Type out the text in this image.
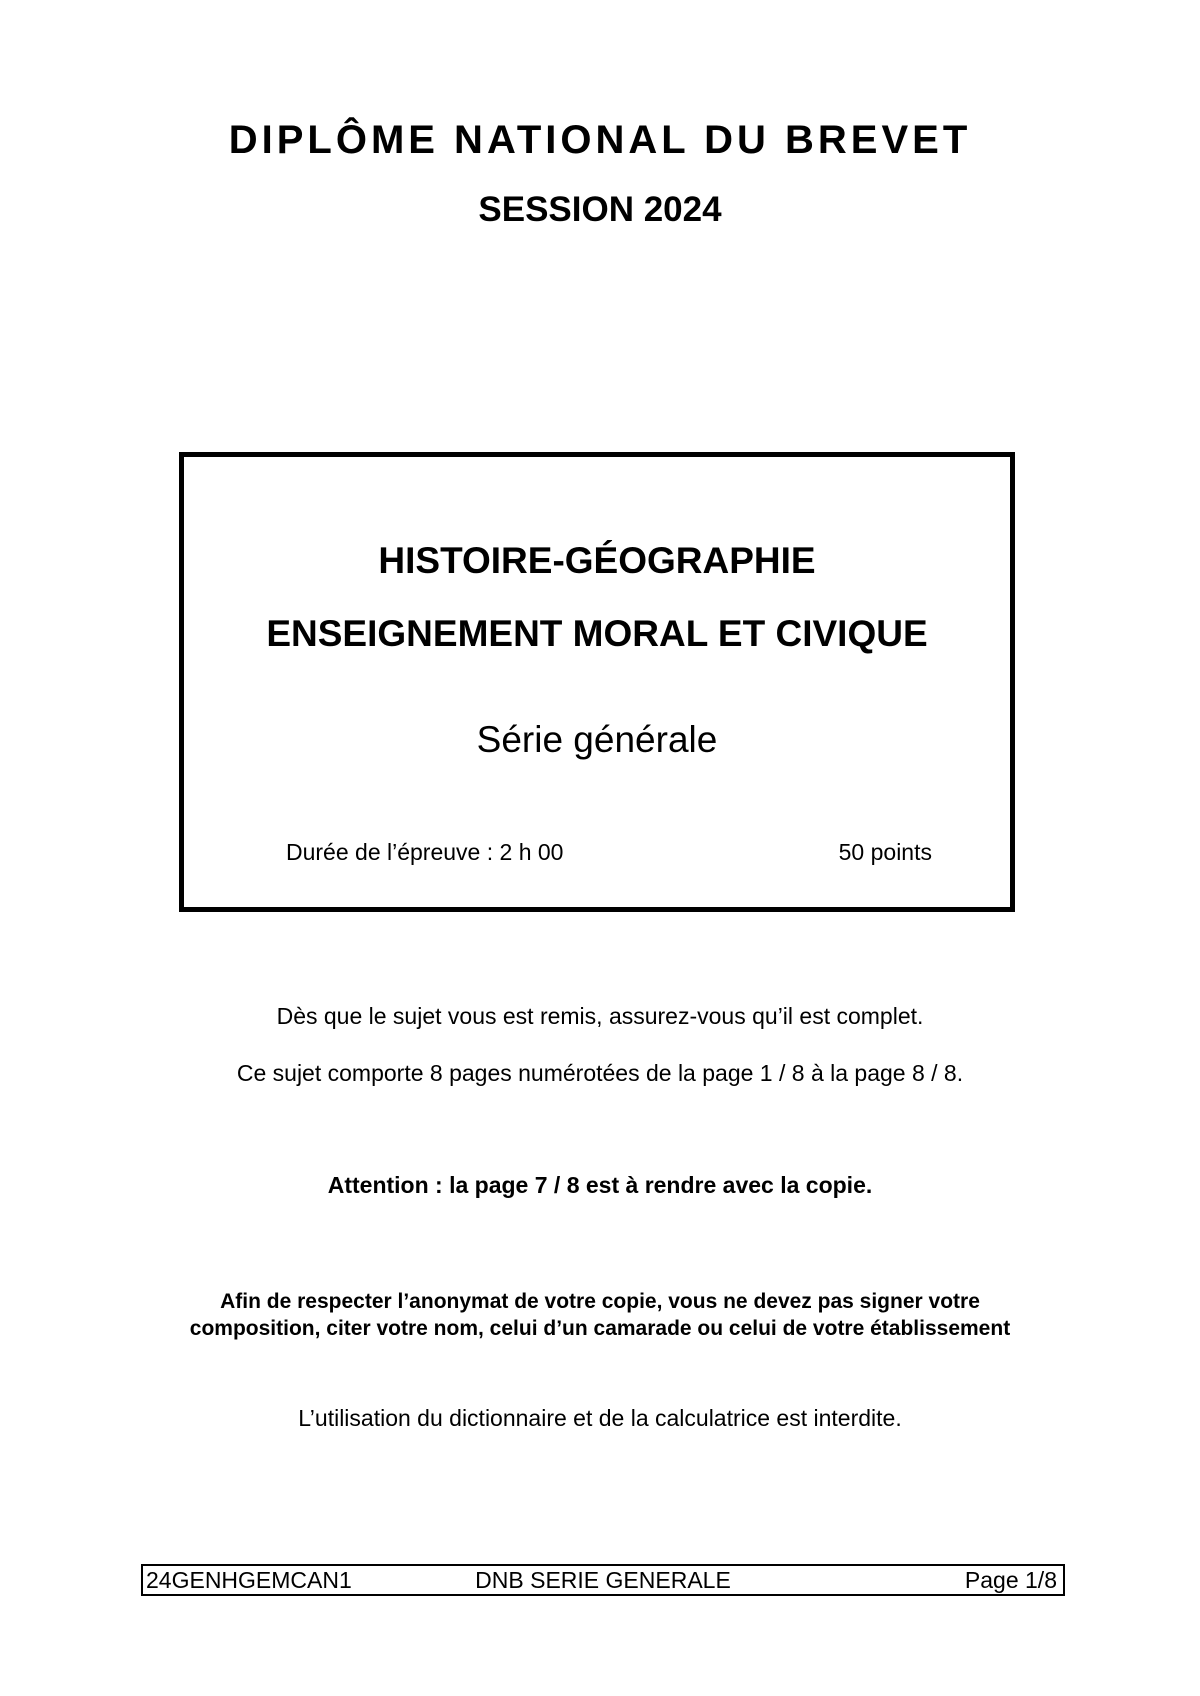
DIPLÔME NATIONAL DU BREVET
SESSION 2024
HISTOIRE-GÉOGRAPHIE
ENSEIGNEMENT MORAL ET CIVIQUE
Série générale
Durée de l’épreuve : 2 h 00	50 points
Dès que le sujet vous est remis, assurez-vous qu’il est complet.
Ce sujet comporte 8 pages numérotées de la page 1 / 8 à la page 8 / 8.
Attention : la page 7 / 8 est à rendre avec la copie.
Afin de respecter l’anonymat de votre copie, vous ne devez pas signer votre
composition, citer votre nom, celui d’un camarade ou celui de votre établissement
L’utilisation du dictionnaire et de la calculatrice est interdite.
24GENHGEMCAN1	DNB SERIE GENERALE	Page 1/8
